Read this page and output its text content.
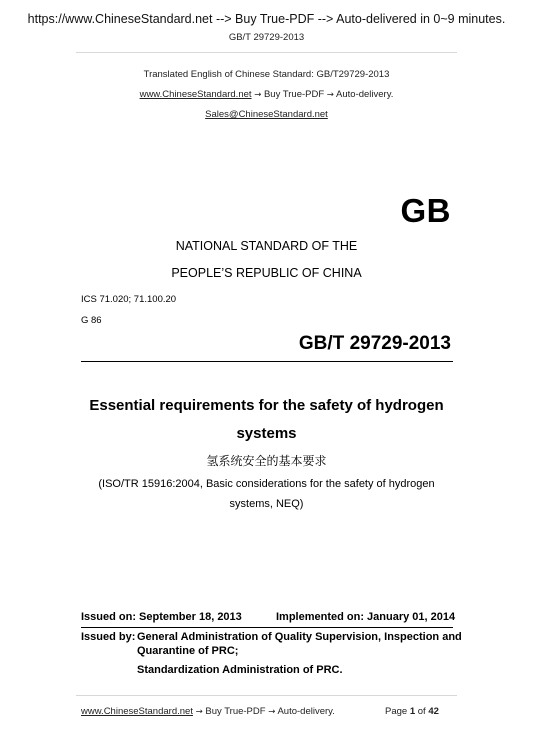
https://www.ChineseStandard.net --> Buy True-PDF --> Auto-delivered in 0~9 minutes.
GB/T 29729-2013
Translated English of Chinese Standard: GB/T29729-2013
www.ChineseStandard.net → Buy True-PDF → Auto-delivery.
Sales@ChineseStandard.net
GB
NATIONAL STANDARD OF THE
PEOPLE’S REPUBLIC OF CHINA
ICS 71.020; 71.100.20
G 86
GB/T 29729-2013
Essential requirements for the safety of hydrogen
systems
氢系统安全的基本要求
(ISO/TR 15916:2004, Basic considerations for the safety of hydrogen
systems, NEQ)
Issued on: September 18, 2013	Implemented on: January 01, 2014
Issued by: General Administration of Quality Supervision, Inspection and
Quarantine of PRC;
Standardization Administration of PRC.
www.ChineseStandard.net → Buy True-PDF → Auto-delivery.	Page 1 of 42
